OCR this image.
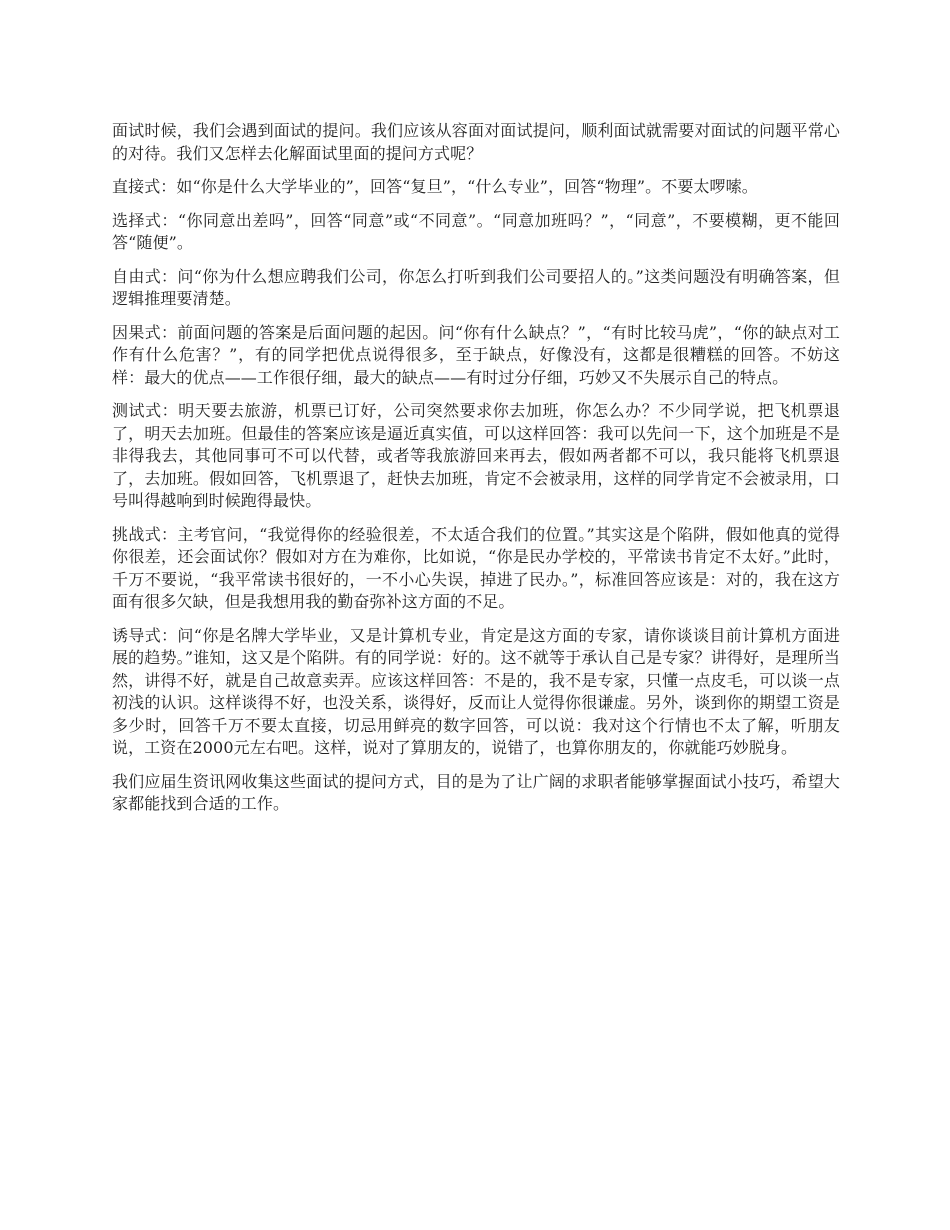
面试时候，我们会遇到面试的提问。我们应该从容面对面试提问，顺利面试就需要对面试的问题平常心的对待。我们又怎样去化解面试里面的提问方式呢？

直接式：如“你是什么大学毕业的”，回答“复旦”，“什么专业”，回答“物理”。不要太啰嗦。

选择式：“你同意出差吗”，回答“同意”或“不同意”。“同意加班吗？”，“同意”，不要模糊，更不能回答“随便”。

自由式：问“你为什么想应聘我们公司，你怎么打听到我们公司要招人的。”这类问题没有明确答案，但逻辑推理要清楚。

因果式：前面问题的答案是后面问题的起因。问“你有什么缺点？”，“有时比较马虎”，“你的缺点对工作有什么危害？”，有的同学把优点说得很多，至于缺点，好像没有，这都是很糟糕的回答。不妨这样：最大的优点——工作很仔细，最大的缺点——有时过分仔细，巧妙又不失展示自己的特点。

测试式：明天要去旅游，机票已订好，公司突然要求你去加班，你怎么办？不少同学说，把飞机票退了，明天去加班。但最佳的答案应该是逼近真实值，可以这样回答：我可以先问一下，这个加班是不是非得我去，其他同事可不可以代替，或者等我旅游回来再去，假如两者都不可以，我只能将飞机票退了，去加班。假如回答，飞机票退了，赶快去加班，肯定不会被录用，这样的同学肯定不会被录用，口号叫得越响到时候跑得最快。

挑战式：主考官问，“我觉得你的经验很差，不太适合我们的位置。”其实这是个陷阱，假如他真的觉得你很差，还会面试你？假如对方在为难你，比如说，“你是民办学校的，平常读书肯定不太好。”此时，千万不要说，“我平常读书很好的，一不小心失误，掉进了民办。”，标准回答应该是：对的，我在这方面有很多欠缺，但是我想用我的勤奋弥补这方面的不足。

诱导式：问“你是名牌大学毕业，又是计算机专业，肯定是这方面的专家，请你谈谈目前计算机方面进展的趋势。”谁知，这又是个陷阱。有的同学说：好的。这不就等于承认自己是专家？讲得好，是理所当然，讲得不好，就是自己故意卖弄。应该这样回答：不是的，我不是专家，只懂一点皮毛，可以谈一点初浅的认识。这样谈得不好，也没关系，谈得好，反而让人觉得你很谦虚。另外，谈到你的期望工资是多少时，回答千万不要太直接，切忌用鲜亮的数字回答，可以说：我对这个行情也不太了解，听朋友说，工资在2000元左右吧。这样，说对了算朋友的，说错了，也算你朋友的，你就能巧妙脱身。

我们应届生资讯网收集这些面试的提问方式，目的是为了让广阔的求职者能够掌握面试小技巧，希望大家都能找到合适的工作。
